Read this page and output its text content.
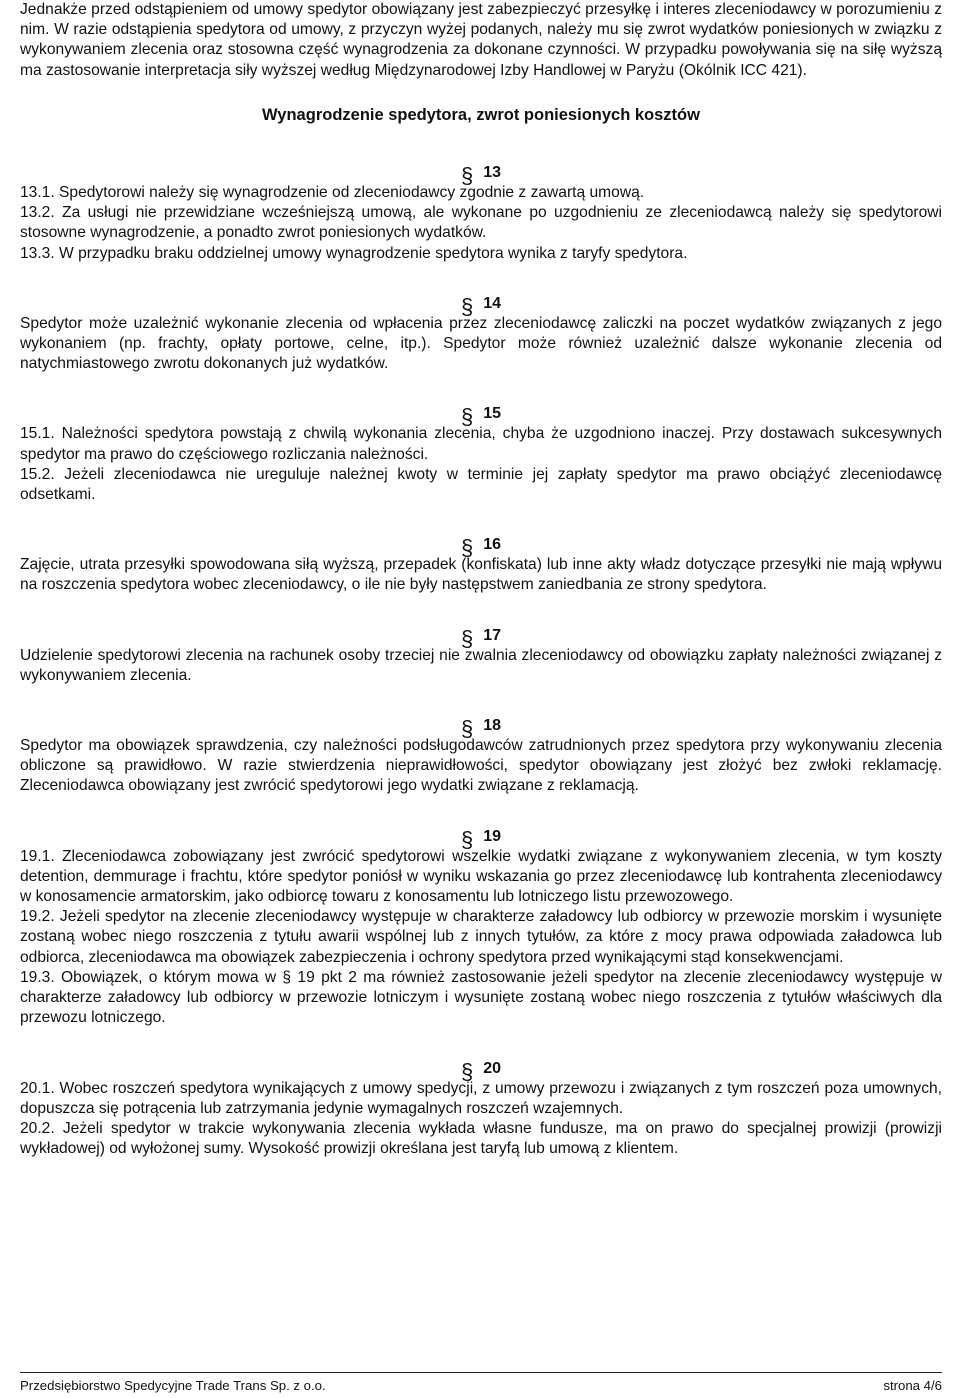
Jednakże przed odstąpieniem od umowy spedytor obowiązany jest zabezpieczyć przesyłkę i interes zleceniodawcy w porozumieniu z nim. W razie odstąpienia spedytora od umowy, z przyczyn wyżej podanych, należy mu się zwrot wydatków poniesionych w związku z wykonywaniem zlecenia oraz stosowna część wynagrodzenia za dokonane czynności. W przypadku powoływania się na siłę wyższą ma zastosowanie interpretacja siły wyższej według Międzynarodowej Izby Handlowej w Paryżu (Okólnik ICC 421).

Wynagrodzenie spedytora, zwrot poniesionych kosztów

§ 13

13.1. Spedytorowi należy się wynagrodzenie od zleceniodawcy zgodnie z zawartą umową.

13.2. Za usługi nie przewidziane wcześniejszą umową, ale wykonane po uzgodnieniu ze zleceniodawcą należy się spedytorowi stosowne wynagrodzenie, a ponadto zwrot poniesionych wydatków.

13.3. W przypadku braku oddzielnej umowy wynagrodzenie spedytora wynika z taryfy spedytora.

§ 14

Spedytor może uzależnić wykonanie zlecenia od wpłacenia przez zleceniodawcę zaliczki na poczet wydatków związanych z jego wykonaniem (np. frachty, opłaty portowe, celne, itp.). Spedytor może również uzależnić dalsze wykonanie zlecenia od natychmiastowego zwrotu dokonanych już wydatków.

§ 15

15.1. Należności spedytora powstają z chwilą wykonania zlecenia, chyba że uzgodniono inaczej. Przy dostawach sukcesywnych spedytor ma prawo do częściowego rozliczania należności.

15.2. Jeżeli zleceniodawca nie ureguluje należnej kwoty w terminie jej zapłaty spedytor ma prawo obciążyć zleceniodawcę odsetkami.

§ 16

Zajęcie, utrata przesyłki spowodowana siłą wyższą, przepadek (konfiskata) lub inne akty władz dotyczące przesyłki nie mają wpływu na roszczenia spedytora wobec zleceniodawcy, o ile nie były następstwem zaniedbania ze strony spedytora.

§ 17

Udzielenie spedytorowi zlecenia na rachunek osoby trzeciej nie zwalnia zleceniodawcy od obowiązku zapłaty należności związanej z wykonywaniem zlecenia.

§ 18

Spedytor ma obowiązek sprawdzenia, czy należności podsługodawców zatrudnionych przez spedytora przy wykonywaniu zlecenia obliczone są prawidłowo. W razie stwierdzenia nieprawidłowości, spedytor obowiązany jest złożyć bez zwłoki reklamację. Zleceniodawca obowiązany jest zwrócić spedytorowi jego wydatki związane z reklamacją.

§ 19

19.1. Zleceniodawca zobowiązany jest zwrócić spedytorowi wszelkie wydatki związane z wykonywaniem zlecenia, w tym koszty detention, demmurage i frachtu, które spedytor poniósł w wyniku wskazania go przez zleceniodawcę lub kontrahenta zleceniodawcy w konosamencie armatorskim, jako odbiorcę towaru z konosamentu lub lotniczego listu przewozowego.

19.2. Jeżeli spedytor na zlecenie zleceniodawcy występuje w charakterze załadowcy lub odbiorcy w przewozie morskim i wysunięte zostaną wobec niego roszczenia z tytułu awarii wspólnej lub z innych tytułów, za które z mocy prawa odpowiada załadowca lub odbiorca, zleceniodawca ma obowiązek zabezpieczenia i ochrony spedytora przed wynikającymi stąd konsekwencjami.

19.3. Obowiązek, o którym mowa w § 19 pkt 2 ma również zastosowanie jeżeli spedytor na zlecenie zleceniodawcy występuje w charakterze załadowcy lub odbiorcy w przewozie lotniczym i wysunięte zostaną wobec niego roszczenia z tytułów właściwych dla przewozu lotniczego.

§ 20

20.1. Wobec roszczeń spedytora wynikających z umowy spedycji, z umowy przewozu i związanych z tym roszczeń poza umownych, dopuszcza się potrącenia lub zatrzymania jedynie wymagalnych roszczeń wzajemnych.

20.2. Jeżeli spedytor w trakcie wykonywania zlecenia wykłada własne fundusze, ma on prawo do specjalnej prowizji (prowizji wykładowej) od wyłożonej sumy. Wysokość prowizji określana jest taryfą lub umową z klientem.

Przedsiębiorstwo Spedycyjne Trade Trans Sp. z o.o.	strona 4/6
